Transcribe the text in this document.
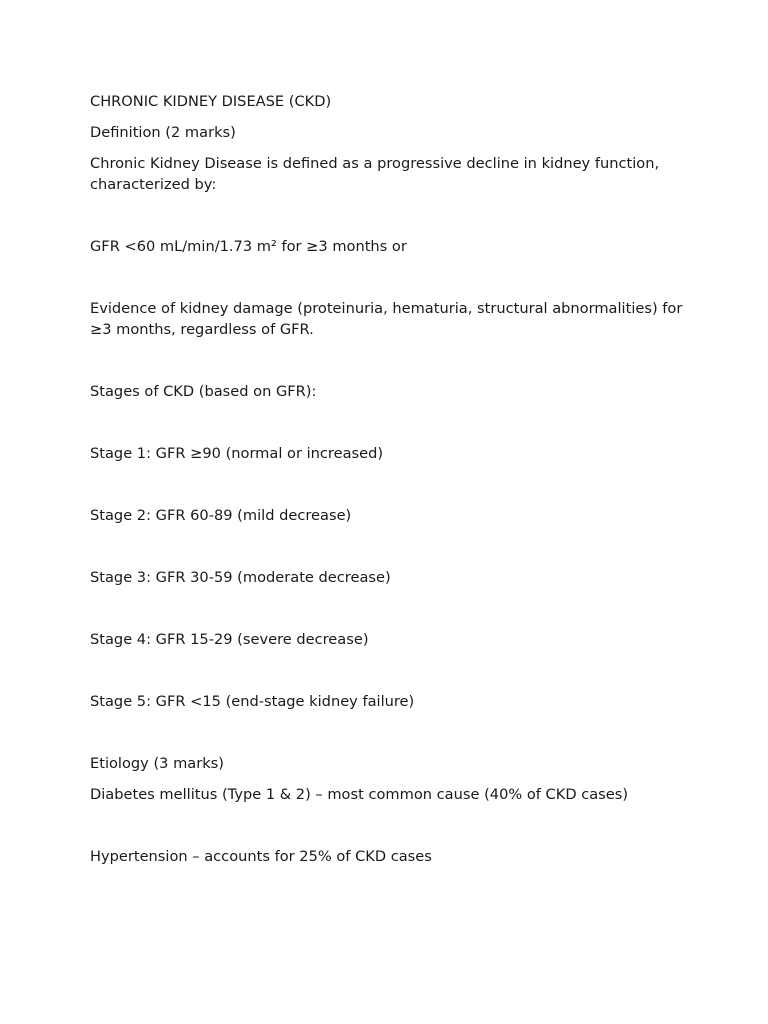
CHRONIC KIDNEY DISEASE (CKD)

Definition (2 marks)

Chronic Kidney Disease is defined as a progressive decline in kidney function, characterized by:

GFR <60 mL/min/1.73 m² for ≥3 months or

Evidence of kidney damage (proteinuria, hematuria, structural abnormalities) for ≥3 months, regardless of GFR.

Stages of CKD (based on GFR):

Stage 1: GFR ≥90 (normal or increased)

Stage 2: GFR 60-89 (mild decrease)

Stage 3: GFR 30-59 (moderate decrease)

Stage 4: GFR 15-29 (severe decrease)

Stage 5: GFR <15 (end-stage kidney failure)

Etiology (3 marks)

Diabetes mellitus (Type 1 & 2) – most common cause (40% of CKD cases)

Hypertension – accounts for 25% of CKD cases
